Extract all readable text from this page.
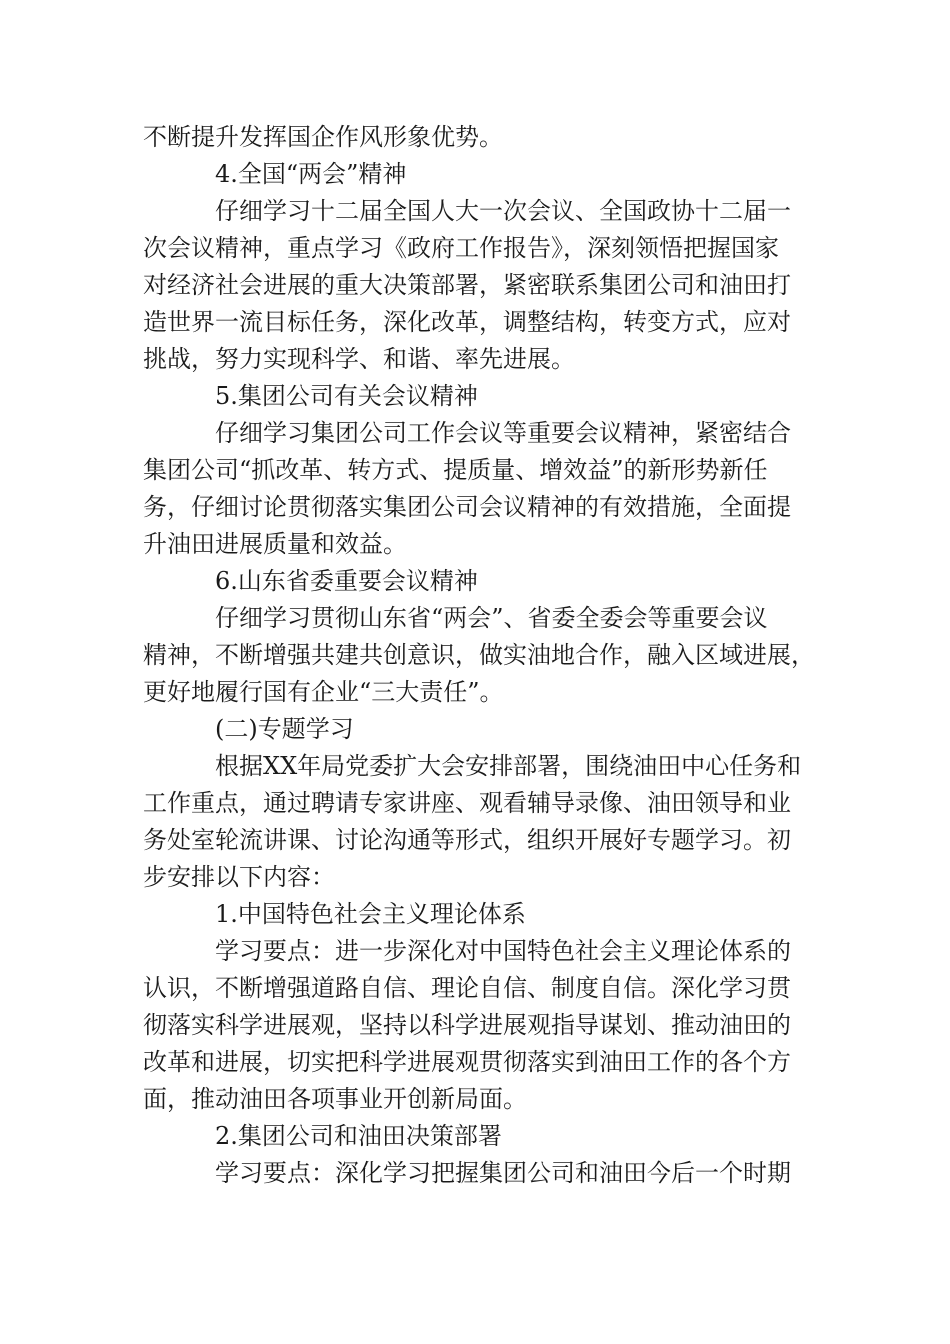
不断提升发挥国企作风形象优势。
4.全国“两会”精神
仔细学习十二届全国人大一次会议、全国政协十二届一
次会议精神，重点学习《政府工作报告》，深刻领悟把握国家
对经济社会进展的重大决策部署，紧密联系集团公司和油田打
造世界一流目标任务，深化改革，调整结构，转变方式，应对
挑战，努力实现科学、和谐、率先进展。
5.集团公司有关会议精神
仔细学习集团公司工作会议等重要会议精神，紧密结合
集团公司“抓改革、转方式、提质量、增效益”的新形势新任
务，仔细讨论贯彻落实集团公司会议精神的有效措施，全面提
升油田进展质量和效益。
6.山东省委重要会议精神
仔细学习贯彻山东省“两会”、省委全委会等重要会议
精神，不断增强共建共创意识，做实油地合作，融入区域进展，
更好地履行国有企业“三大责任”。
(二)专题学习
根据XX年局党委扩大会安排部署，围绕油田中心任务和
工作重点，通过聘请专家讲座、观看辅导录像、油田领导和业
务处室轮流讲课、讨论沟通等形式，组织开展好专题学习。初
步安排以下内容：
1.中国特色社会主义理论体系
学习要点：进一步深化对中国特色社会主义理论体系的
认识，不断增强道路自信、理论自信、制度自信。深化学习贯
彻落实科学进展观，坚持以科学进展观指导谋划、推动油田的
改革和进展，切实把科学进展观贯彻落实到油田工作的各个方
面，推动油田各项事业开创新局面。
2.集团公司和油田决策部署
学习要点：深化学习把握集团公司和油田今后一个时期
